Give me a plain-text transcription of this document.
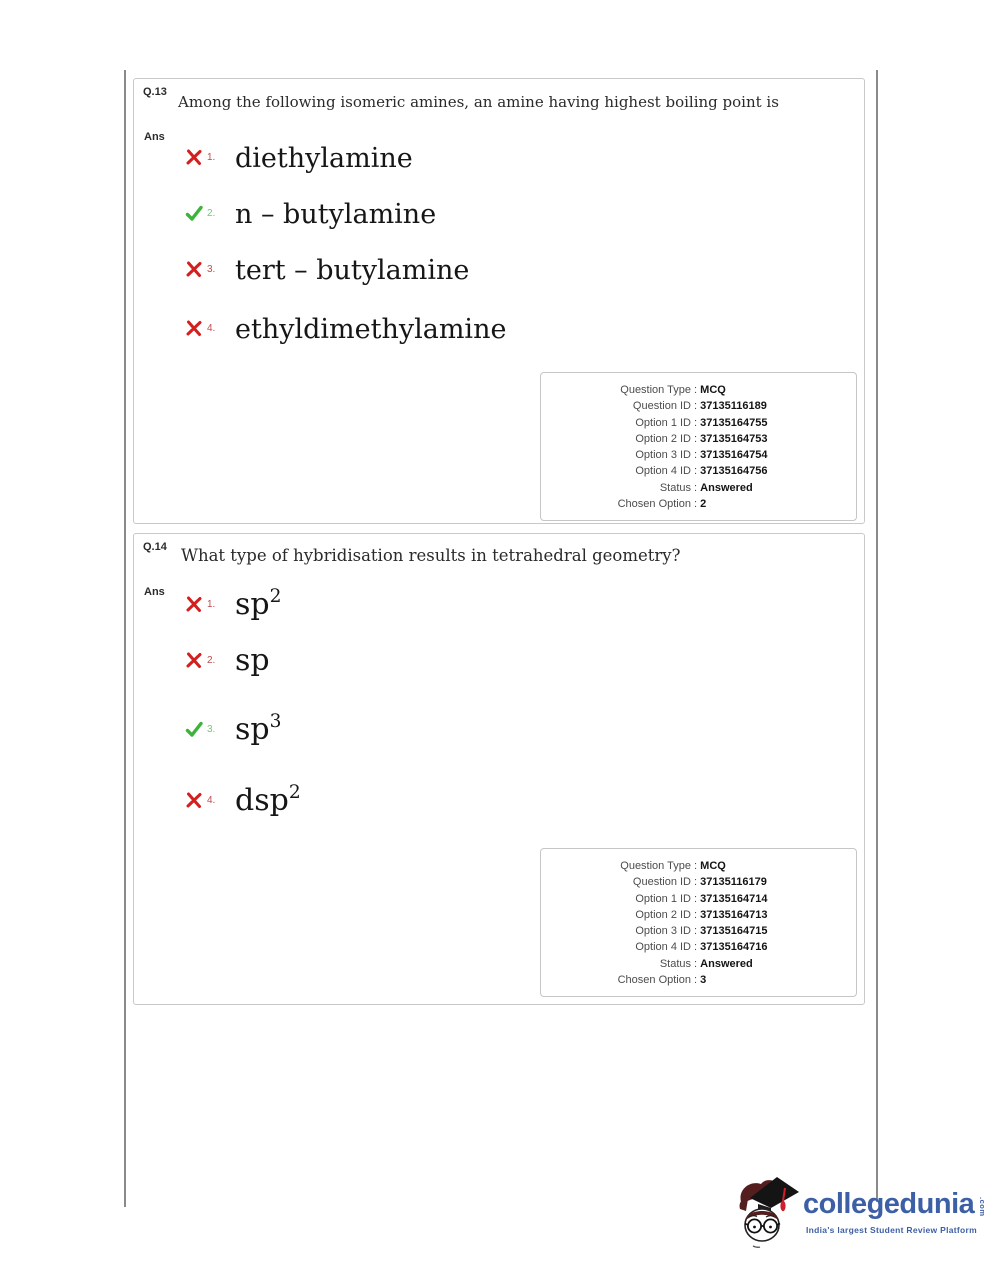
Q.13
Among the following isomeric amines, an amine having highest boiling point is
Ans
1. diethylamine
2. n – butylamine
3. tert – butylamine
4. ethyldimethylamine
Question Type : MCQ
Question ID : 37135116189
Option 1 ID : 37135164755
Option 2 ID : 37135164753
Option 3 ID : 37135164754
Option 4 ID : 37135164756
Status : Answered
Chosen Option : 2
Q.14 What type of hybridisation results in tetrahedral geometry?
Ans
1. $sp^2$
2. sp
3. $sp^3$
4. dsp$^2$
Question Type : MCQ
Question ID : 37135116179
Option 1 ID : 37135164714
Option 2 ID : 37135164713
Option 3 ID : 37135164715
Option 4 ID : 37135164716
Status : Answered
Chosen Option : 3
collegedunia .com
India's largest Student Review Platform
